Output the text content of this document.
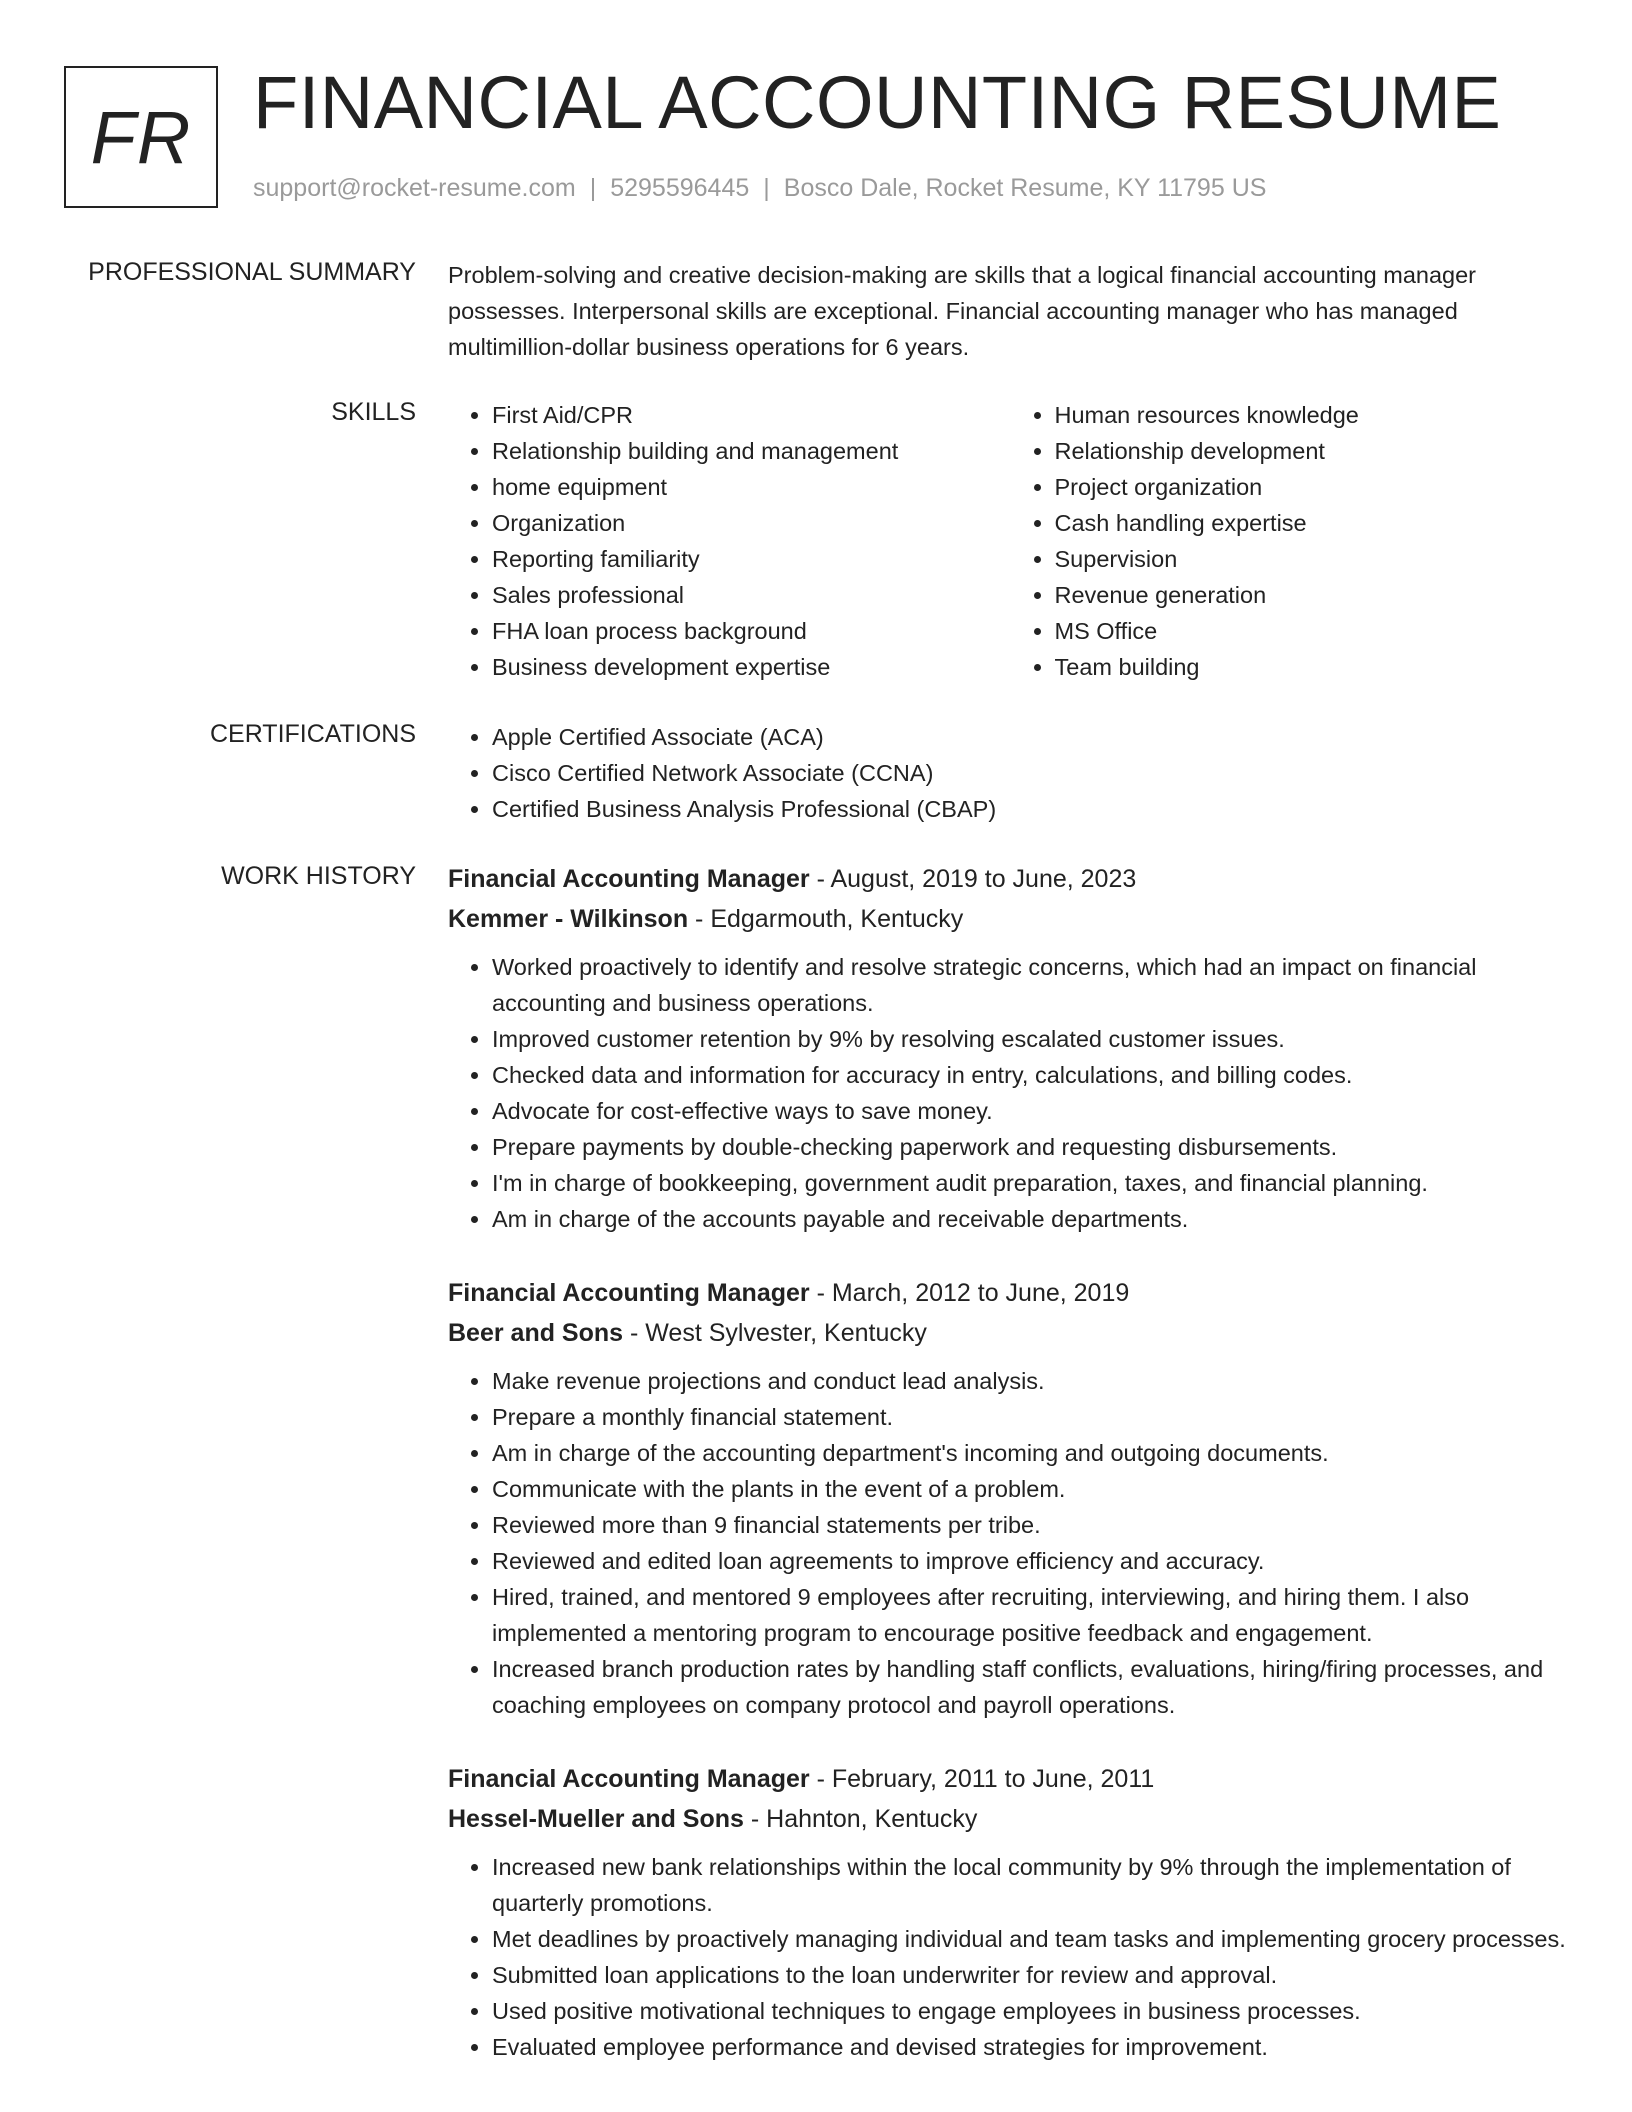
FR FINANCIAL ACCOUNTING RESUME
support@rocket-resume.com | 5295596445 | Bosco Dale, Rocket Resume, KY 11795 US
PROFESSIONAL SUMMARY Problem-solving and creative decision-making are skills that a logical financial accounting manager possesses. Interpersonal skills are exceptional. Financial accounting manager who has managed multimillion-dollar business operations for 6 years.
SKILLS	• First Aid/CPR
• Relationship building and management
• home equipment
• Organization
• Reporting familiarity
• Sales professional
• FHA loan process background
• Business development expertise
• Human resources knowledge
• Relationship development
• Project organization
• Cash handling expertise
• Supervision
• Revenue generation
• MS Office
• Team building
CERTIFICATIONS	• Apple Certified Associate (ACA)
• Cisco Certified Network Associate (CCNA)
• Certified Business Analysis Professional (CBAP)
WORK HISTORY Financial Accounting Manager - August, 2019 to June, 2023
Kemmer - Wilkinson - Edgarmouth, Kentucky
• Worked proactively to identify and resolve strategic concerns, which had an impact on financial accounting and business operations.
• Improved customer retention by 9% by resolving escalated customer issues.
• Checked data and information for accuracy in entry, calculations, and billing codes.
• Advocate for cost-effective ways to save money.
• Prepare payments by double-checking paperwork and requesting disbursements.
• I'm in charge of bookkeeping, government audit preparation, taxes, and financial planning.
• Am in charge of the accounts payable and receivable departments.
Financial Accounting Manager - March, 2012 to June, 2019
Beer and Sons - West Sylvester, Kentucky
• Make revenue projections and conduct lead analysis.
• Prepare a monthly financial statement.
• Am in charge of the accounting department's incoming and outgoing documents.
• Communicate with the plants in the event of a problem.
• Reviewed more than 9 financial statements per tribe.
• Reviewed and edited loan agreements to improve efficiency and accuracy.
• Hired, trained, and mentored 9 employees after recruiting, interviewing, and hiring them. I also implemented a mentoring program to encourage positive feedback and engagement.
• Increased branch production rates by handling staff conflicts, evaluations, hiring/firing processes, and coaching employees on company protocol and payroll operations.
Financial Accounting Manager - February, 2011 to June, 2011
Hessel-Mueller and Sons - Hahnton, Kentucky
• Increased new bank relationships within the local community by 9% through the implementation of quarterly promotions.
• Met deadlines by proactively managing individual and team tasks and implementing grocery processes.
• Submitted loan applications to the loan underwriter for review and approval.
• Used positive motivational techniques to engage employees in business processes.
• Evaluated employee performance and devised strategies for improvement.
